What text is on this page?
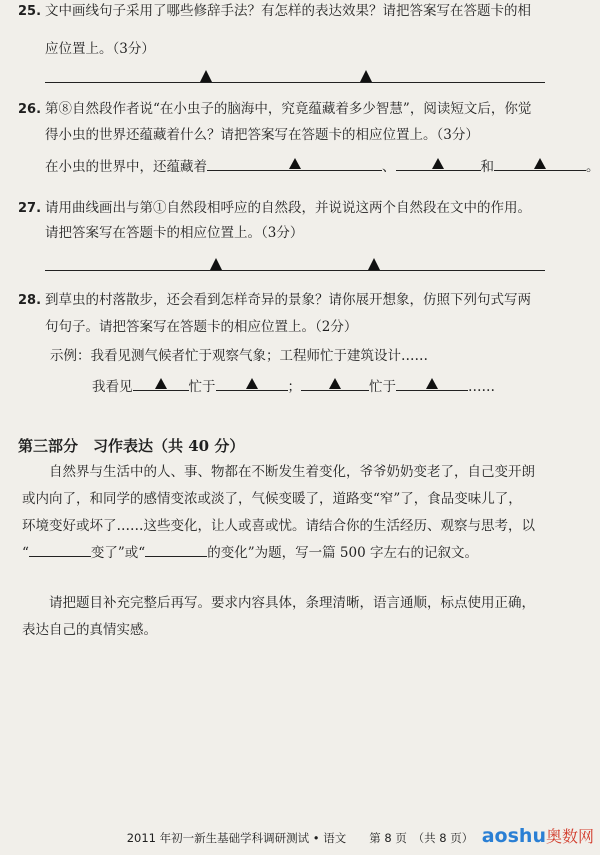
25. 文中画线句子采用了哪些修辞手法？有怎样的表达效果？请把答案写在答题卡的相
应位置上。（3分）
26. 第⑧自然段作者说“在小虫子的脑海中，究竟蕴藏着多少智慧”，阅读短文后，你觉
得小虫的世界还蕴藏着什么？请把答案写在答题卡的相应位置上。（3分）
在小虫的世界中，还蕴藏着	、	和	。
27. 请用曲线画出与第①自然段相呼应的自然段，并说说这两个自然段在文中的作用。
请把答案写在答题卡的相应位置上。（3分）
28. 到草虫的村落散步，还会看到怎样奇异的景象？请你展开想象，仿照下列句式写两
句句子。请把答案写在答题卡的相应位置上。（2分）
示例：我看见测气候者忙于观察气象；工程师忙于建筑设计……
我看见	忙于	；	忙于	……
第三部分　习作表达（共 40 分）
自然界与生活中的人、事、物都在不断发生着变化，爷爷奶奶变老了，自己变开朗
或内向了，和同学的感情变浓或淡了，气候变暖了，道路变“窄”了，食品变味儿了，
环境变好或坏了……这些变化，让人或喜或忧。请结合你的生活经历、观察与思考，以
“	变了”或“	的变化”为题，写一篇 500 字左右的记叙文。
请把题目补充完整后再写。要求内容具体，条理清晰，语言通顺，标点使用正确，
表达自己的真情实感。
2011 年初一新生基础学科调研测试 • 语文　　第 8 页　（共 8 页） aoshu奥数网
